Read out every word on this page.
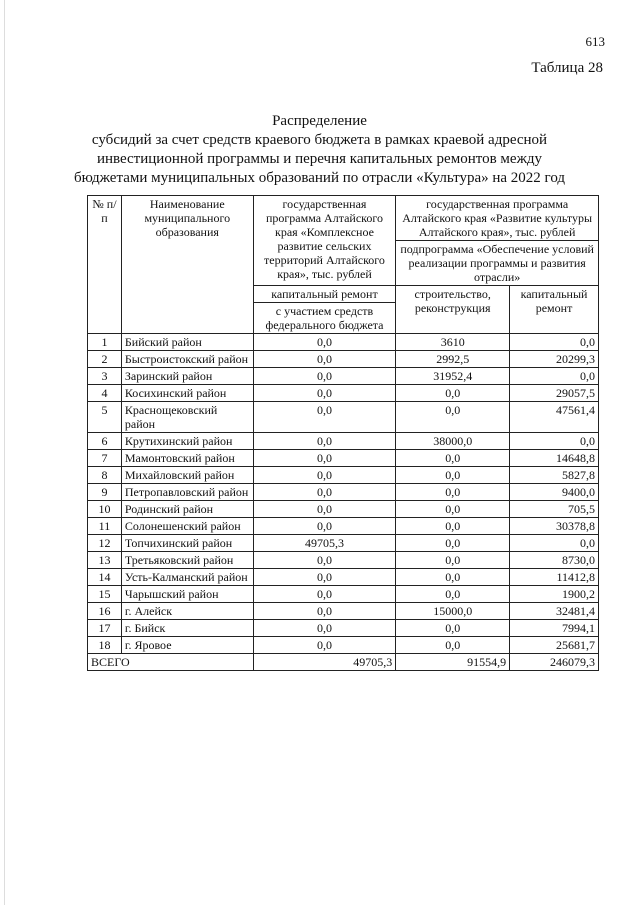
613
Таблица 28
Распределение
субсидий за счет средств краевого бюджета в рамках краевой адресной
инвестиционной программы и перечня капитальных ремонтов между
бюджетами муниципальных образований по отрасли «Культура» на 2022 год
№ п/п	Наименование муниципального образования	государственная программа Алтайского края «Комплексное развитие сельских территорий Алтайского края», тыс. рублей	государственная программа Алтайского края «Развитие культуры Алтайского края», тыс. рублей	
			подпрограмма «Обеспечение условий реализации программы и развития отрасли»	
		капитальный ремонт	строительство, реконструкция	капитальный ремонт
		с участием средств федерального бюджета		
1	Бийский район	0,0	3610	0,0
2	Быстроистокский район	0,0	2992,5	20299,3
3	Заринский район	0,0	31952,4	0,0
4	Косихинский район	0,0	0,0	29057,5
5	Краснощековский район	0,0	0,0	47561,4
6	Крутихинский район	0,0	38000,0	0,0
7	Мамонтовский район	0,0	0,0	14648,8
8	Михайловский район	0,0	0,0	5827,8
9	Петропавловский район	0,0	0,0	9400,0
10	Родинский район	0,0	0,0	705,5
11	Солонешенский район	0,0	0,0	30378,8
12	Топчихинский район	49705,3	0,0	0,0
13	Третьяковский район	0,0	0,0	8730,0
14	Усть-Калманский район	0,0	0,0	11412,8
15	Чарышский район	0,0	0,0	1900,2
16	г. Алейск	0,0	15000,0	32481,4
17	г. Бийск	0,0	0,0	7994,1
18	г. Яровое	0,0	0,0	25681,7
ВСЕГО		49705,3	91554,9	246079,3
